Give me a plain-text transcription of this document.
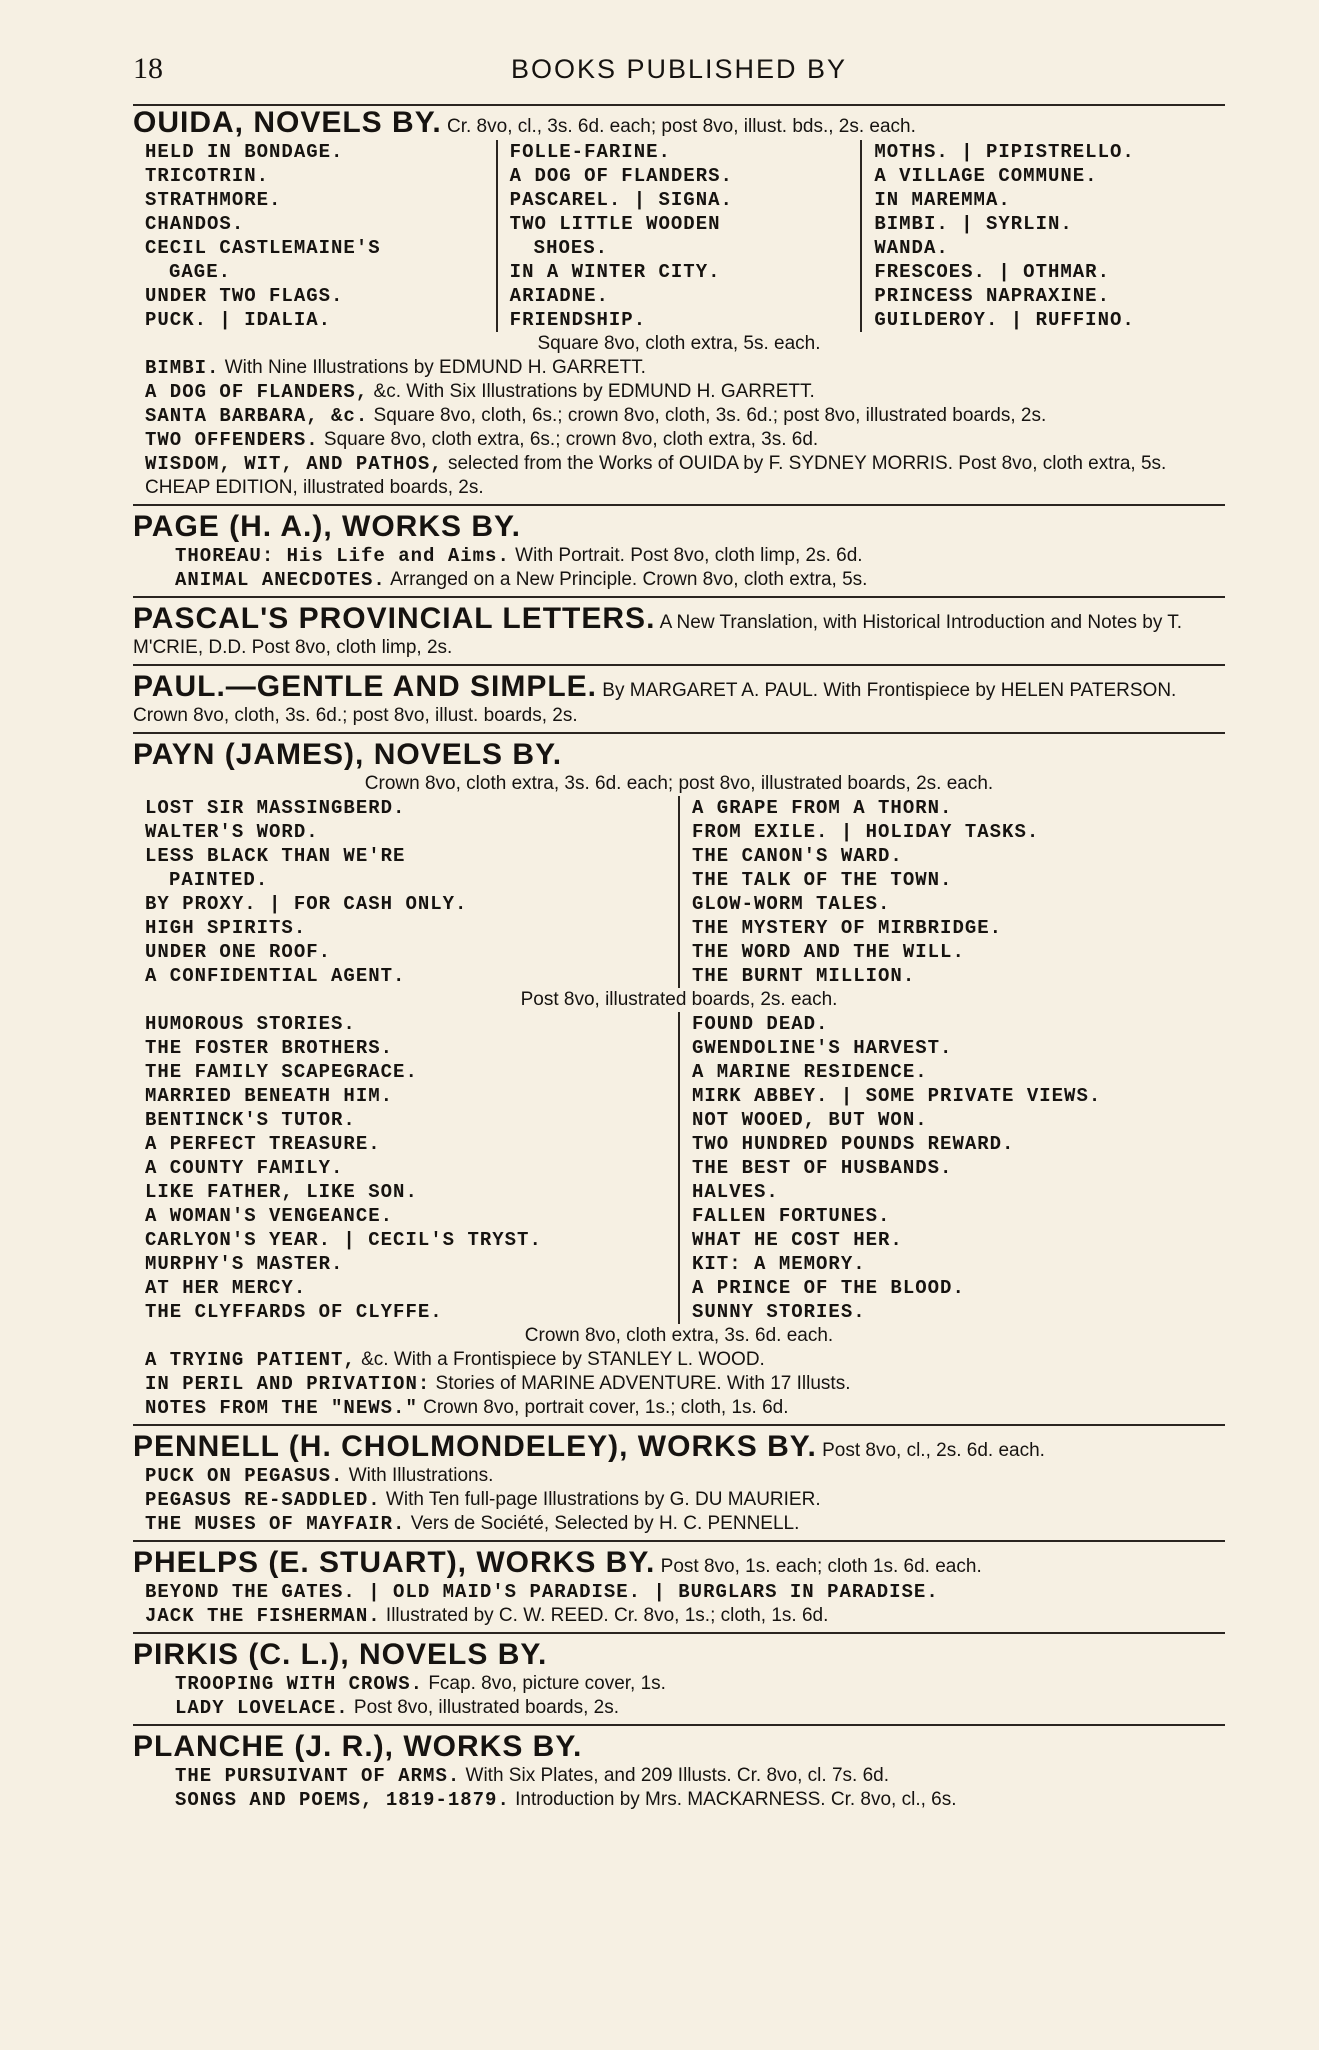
18	BOOKS PUBLISHED BY
OUIDA, NOVELS BY. Cr. 8vo, cl., 3s. 6d. each; post 8vo, illust. bds., 2s. each.
HELD IN BONDAGE.
TRICOTRIN.
STRATHMORE.
CHANDOS.
CECIL CASTLEMAINE'S
GAGE.
UNDER TWO FLAGS.
PUCK. | IDALIA.
FOLLE-FARINE.
A DOG OF FLANDERS.
PASCAREL. | SIGNA.
TWO LITTLE WOODEN
SHOES.
IN A WINTER CITY.
ARIADNE.
FRIENDSHIP.
MOTHS. | PIPISTRELLO.
A VILLAGE COMMUNE.
IN MAREMMA.
BIMBI. | SYRLIN.
WANDA.
FRESCOES. | OTHMAR.
PRINCESS NAPRAXINE.
GUILDEROY. | RUFFINO.
Square 8vo, cloth extra, 5s. each.
BIMBI. With Nine Illustrations by EDMUND H. GARRETT.
A DOG OF FLANDERS, &c. With Six Illustrations by EDMUND H. GARRETT.
SANTA BARBARA, &c. Square 8vo, cloth, 6s.; crown 8vo, cloth, 3s. 6d.; post 8vo, illustrated boards, 2s.
TWO OFFENDERS. Square 8vo, cloth extra, 6s.; crown 8vo, cloth extra, 3s. 6d.
WISDOM, WIT, AND PATHOS, selected from the Works of OUIDA by F. SYDNEY MORRIS. Post 8vo, cloth extra, 5s. CHEAP EDITION, illustrated boards, 2s.
PAGE (H. A.), WORKS BY.
THOREAU: His Life and Aims. With Portrait. Post 8vo, cloth limp, 2s. 6d.
ANIMAL ANECDOTES. Arranged on a New Principle. Crown 8vo, cloth extra, 5s.
PASCAL'S PROVINCIAL LETTERS. A New Translation, with Historical Introduction and Notes by T. M'CRIE, D.D. Post 8vo, cloth limp, 2s.
PAUL.—GENTLE AND SIMPLE. By MARGARET A. PAUL. With Frontispiece by HELEN PATERSON. Crown 8vo, cloth, 3s. 6d.; post 8vo, illust. boards, 2s.
PAYN (JAMES), NOVELS BY.
Crown 8vo, cloth extra, 3s. 6d. each; post 8vo, illustrated boards, 2s. each.
LOST SIR MASSINGBERD.
WALTER'S WORD.
LESS BLACK THAN WE'RE
PAINTED.
BY PROXY. | FOR CASH ONLY.
HIGH SPIRITS.
UNDER ONE ROOF.
A CONFIDENTIAL AGENT.
A GRAPE FROM A THORN.
FROM EXILE. | HOLIDAY TASKS.
THE CANON'S WARD.
THE TALK OF THE TOWN.
GLOW-WORM TALES.
THE MYSTERY OF MIRBRIDGE.
THE WORD AND THE WILL.
THE BURNT MILLION.
Post 8vo, illustrated boards, 2s. each.
HUMOROUS STORIES.
THE FOSTER BROTHERS.
THE FAMILY SCAPEGRACE.
MARRIED BENEATH HIM.
BENTINCK'S TUTOR.
A PERFECT TREASURE.
A COUNTY FAMILY.
LIKE FATHER, LIKE SON.
A WOMAN'S VENGEANCE.
CARLYON'S YEAR. | CECIL'S TRYST.
MURPHY'S MASTER.
AT HER MERCY.
THE CLYFFARDS OF CLYFFE.
FOUND DEAD.
GWENDOLINE'S HARVEST.
A MARINE RESIDENCE.
MIRK ABBEY. | SOME PRIVATE VIEWS.
NOT WOOED, BUT WON.
TWO HUNDRED POUNDS REWARD.
THE BEST OF HUSBANDS.
HALVES.
FALLEN FORTUNES.
WHAT HE COST HER.
KIT: A MEMORY.
A PRINCE OF THE BLOOD.
SUNNY STORIES.
Crown 8vo, cloth extra, 3s. 6d. each.
A TRYING PATIENT, &c. With a Frontispiece by STANLEY L. WOOD.
IN PERIL AND PRIVATION: Stories of MARINE ADVENTURE. With 17 Illusts.
NOTES FROM THE "NEWS." Crown 8vo, portrait cover, 1s.; cloth, 1s. 6d.
PENNELL (H. CHOLMONDELEY), WORKS BY. Post 8vo, cl., 2s. 6d. each.
PUCK ON PEGASUS. With Illustrations.
PEGASUS RE-SADDLED. With Ten full-page Illustrations by G. DU MAURIER.
THE MUSES OF MAYFAIR. Vers de Société, Selected by H. C. PENNELL.
PHELPS (E. STUART), WORKS BY. Post 8vo, 1s. each; cloth 1s. 6d. each.
BEYOND THE GATES. | OLD MAID'S PARADISE. | BURGLARS IN PARADISE.
JACK THE FISHERMAN. Illustrated by C. W. REED. Cr. 8vo, 1s.; cloth, 1s. 6d.
PIRKIS (C. L.), NOVELS BY.
TROOPING WITH CROWS. Fcap. 8vo, picture cover, 1s.
LADY LOVELACE. Post 8vo, illustrated boards, 2s.
PLANCHE (J. R.), WORKS BY.
THE PURSUIVANT OF ARMS. With Six Plates, and 209 Illusts. Cr. 8vo, cl. 7s. 6d.
SONGS AND POEMS, 1819-1879. Introduction by Mrs. MACKARNESS. Cr. 8vo, cl., 6s.
